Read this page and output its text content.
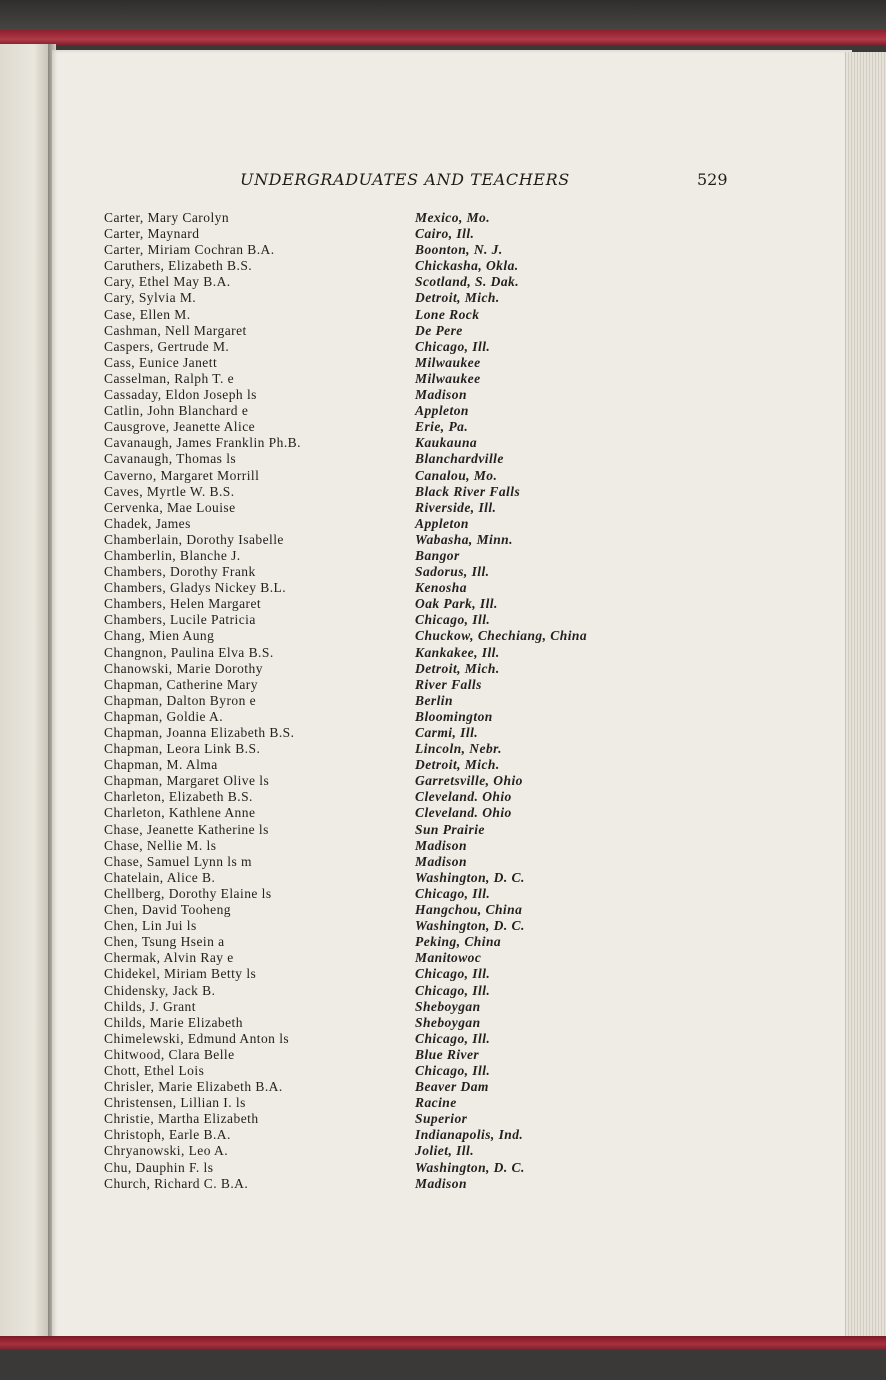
UNDERGRADUATES AND TEACHERS	529
Carter, Mary Carolyn	Mexico, Mo.
Carter, Maynard	Cairo, Ill.
Carter, Miriam Cochran B.A.	Boonton, N. J.
Caruthers, Elizabeth B.S.	Chickasha, Okla.
Cary, Ethel May B.A.	Scotland, S. Dak.
Cary, Sylvia M.	Detroit, Mich.
Case, Ellen M.	Lone Rock
Cashman, Nell Margaret	De Pere
Caspers, Gertrude M.	Chicago, Ill.
Cass, Eunice Janett	Milwaukee
Casselman, Ralph T. e	Milwaukee
Cassaday, Eldon Joseph ls	Madison
Catlin, John Blanchard e	Appleton
Causgrove, Jeanette Alice	Erie, Pa.
Cavanaugh, James Franklin Ph.B.	Kaukauna
Cavanaugh, Thomas ls	Blanchardville
Caverno, Margaret Morrill	Canalou, Mo.
Caves, Myrtle W. B.S.	Black River Falls
Cervenka, Mae Louise	Riverside, Ill.
Chadek, James	Appleton
Chamberlain, Dorothy Isabelle	Wabasha, Minn.
Chamberlin, Blanche J.	Bangor
Chambers, Dorothy Frank	Sadorus, Ill.
Chambers, Gladys Nickey B.L.	Kenosha
Chambers, Helen Margaret	Oak Park, Ill.
Chambers, Lucile Patricia	Chicago, Ill.
Chang, Mien Aung	Chuckow, Chechiang, China
Changnon, Paulina Elva B.S.	Kankakee, Ill.
Chanowski, Marie Dorothy	Detroit, Mich.
Chapman, Catherine Mary	River Falls
Chapman, Dalton Byron e	Berlin
Chapman, Goldie A.	Bloomington
Chapman, Joanna Elizabeth B.S.	Carmi, Ill.
Chapman, Leora Link B.S.	Lincoln, Nebr.
Chapman, M. Alma	Detroit, Mich.
Chapman, Margaret Olive ls	Garretsville, Ohio
Charleton, Elizabeth B.S.	Cleveland. Ohio
Charleton, Kathlene Anne	Cleveland. Ohio
Chase, Jeanette Katherine ls	Sun Prairie
Chase, Nellie M. ls	Madison
Chase, Samuel Lynn ls m	Madison
Chatelain, Alice B.	Washington, D. C.
Chellberg, Dorothy Elaine ls	Chicago, Ill.
Chen, David Tooheng	Hangchou, China
Chen, Lin Jui ls	Washington, D. C.
Chen, Tsung Hsein a	Peking, China
Chermak, Alvin Ray e	Manitowoc
Chidekel, Miriam Betty ls	Chicago, Ill.
Chidensky, Jack B.	Chicago, Ill.
Childs, J. Grant	Sheboygan
Childs, Marie Elizabeth	Sheboygan
Chimelewski, Edmund Anton ls	Chicago, Ill.
Chitwood, Clara Belle	Blue River
Chott, Ethel Lois	Chicago, Ill.
Chrisler, Marie Elizabeth B.A.	Beaver Dam
Christensen, Lillian I. ls	Racine
Christie, Martha Elizabeth	Superior
Christoph, Earle B.A.	Indianapolis, Ind.
Chryanowski, Leo A.	Joliet, Ill.
Chu, Dauphin F. ls	Washington, D. C.
Church, Richard C. B.A.	Madison
